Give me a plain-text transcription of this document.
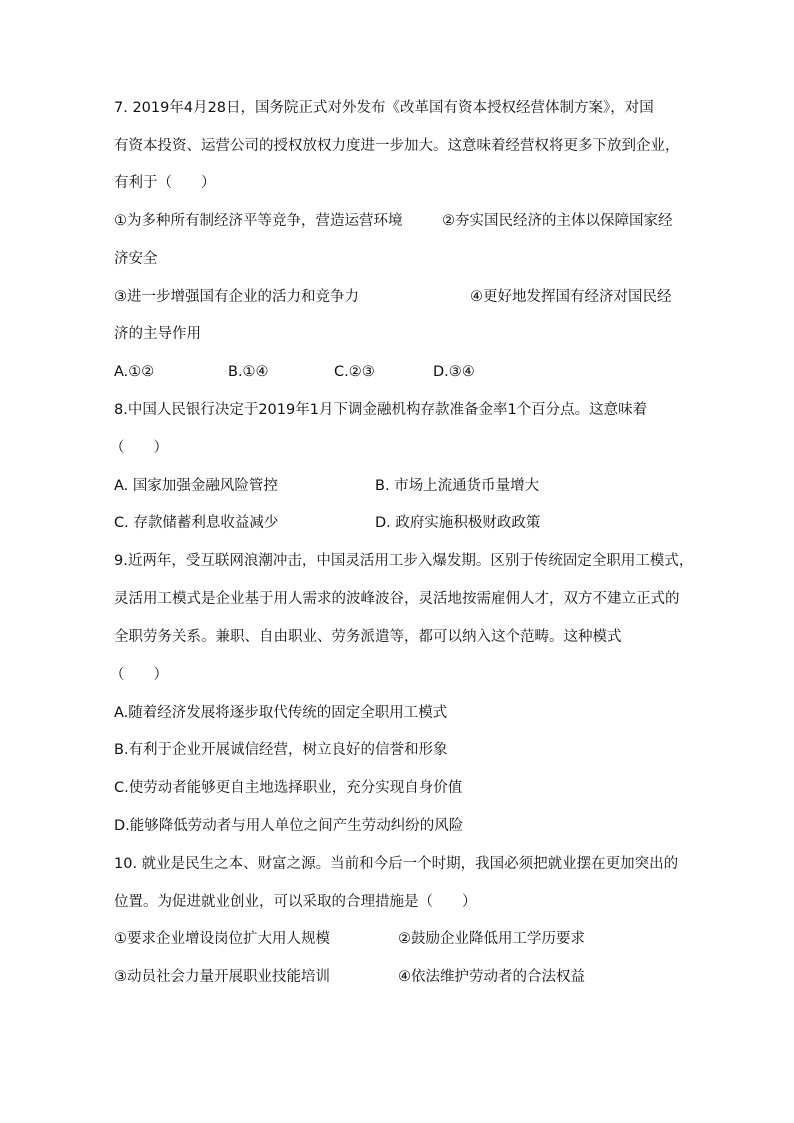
7. 2019年4月28日，国务院正式对外发布《改革国有资本授权经营体制方案》，对国
有资本投资、运营公司的授权放权力度进一步加大。这意味着经营权将更多下放到企业，
有利于（　　）
①为多种所有制经济平等竞争，营造运营环境	②夯实国民经济的主体以保障国家经
济安全
③进一步增强国有企业的活力和竞争力	④更好地发挥国有经济对国民经
济的主导作用
A.①②	B.①④	C.②③	D.③④
8.中国人民银行决定于2019年1月下调金融机构存款准备金率1个百分点。这意味着
（　　）
A. 国家加强金融风险管控	B. 市场上流通货币量增大
C. 存款储蓄利息收益减少	D. 政府实施积极财政政策
9.近两年，受互联网浪潮冲击，中国灵活用工步入爆发期。区别于传统固定全职用工模式，
灵活用工模式是企业基于用人需求的波峰波谷，灵活地按需雇佣人才，双方不建立正式的
全职劳务关系。兼职、自由职业、劳务派遣等，都可以纳入这个范畴。这种模式
（　　）
A.随着经济发展将逐步取代传统的固定全职用工模式
B.有利于企业开展诚信经营，树立良好的信誉和形象
C.使劳动者能够更自主地选择职业，充分实现自身价值
D.能够降低劳动者与用人单位之间产生劳动纠纷的风险
10. 就业是民生之本、财富之源。当前和今后一个时期，我国必须把就业摆在更加突出的
位置。为促进就业创业，可以采取的合理措施是（　　）
①要求企业增设岗位扩大用人规模	②鼓励企业降低用工学历要求
③动员社会力量开展职业技能培训	④依法维护劳动者的合法权益
